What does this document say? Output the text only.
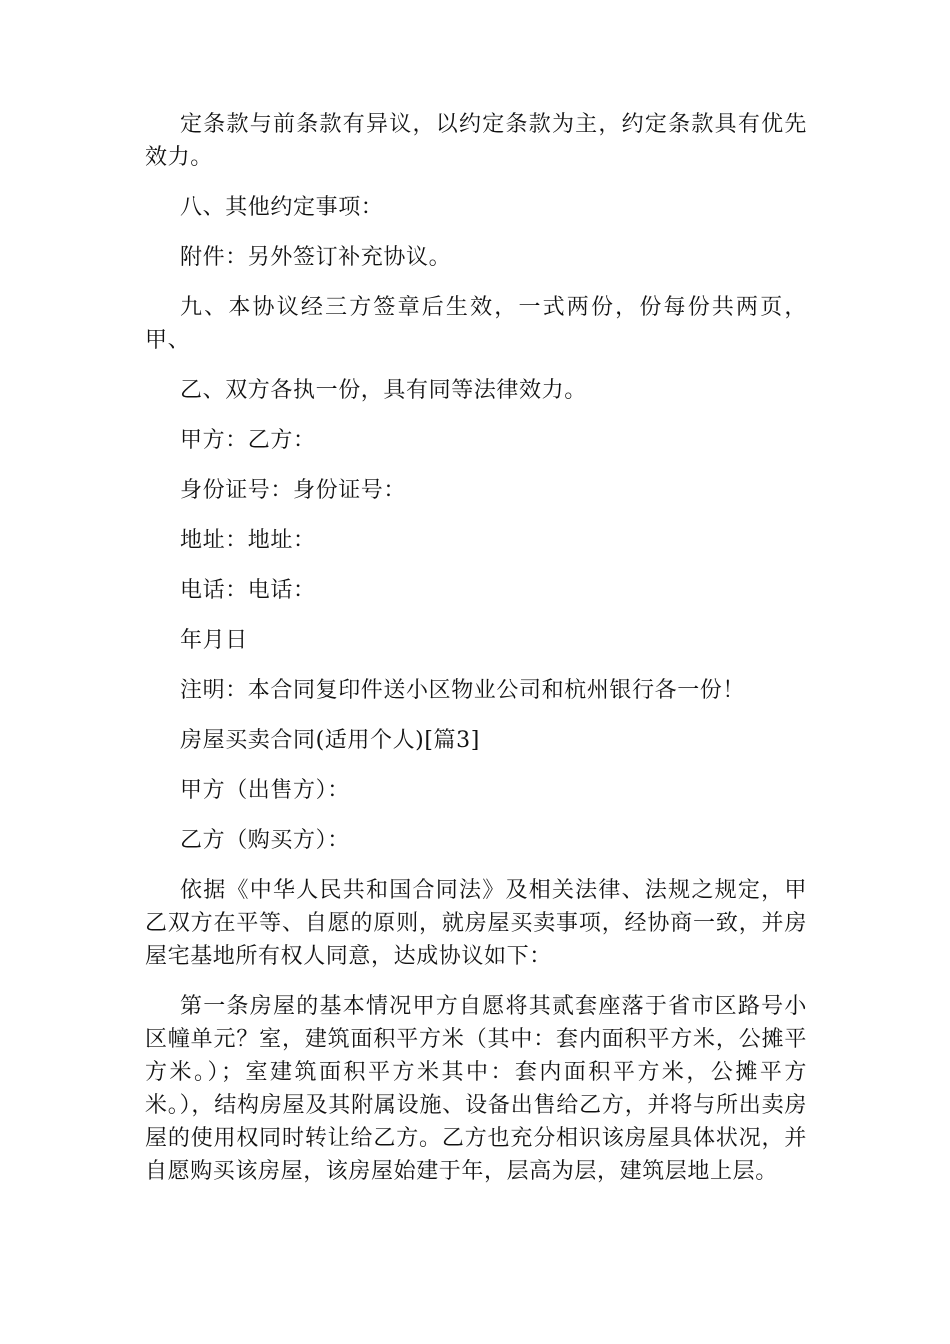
定条款与前条款有异议，以约定条款为主，约定条款具有优先效力。

八、其他约定事项：

附件：另外签订补充协议。

九、本协议经三方签章后生效，一式两份，份每份共两页，甲、

乙、双方各执一份，具有同等法律效力。

甲方：乙方：

身份证号：身份证号：

地址：地址：

电话：电话：

年月日

注明：本合同复印件送小区物业公司和杭州银行各一份！

房屋买卖合同(适用个人)[篇3]

甲方（出售方）：

乙方（购买方）：

依据《中华人民共和国合同法》及相关法律、法规之规定，甲乙双方在平等、自愿的原则，就房屋买卖事项，经协商一致，并房屋宅基地所有权人同意，达成协议如下：

第一条房屋的基本情况甲方自愿将其贰套座落于省市区路号小区幢单元？室，建筑面积平方米（其中：套内面积平方米，公摊平方米。）；室建筑面积平方米其中：套内面积平方米，公摊平方米。），结构房屋及其附属设施、设备出售给乙方，并将与所出卖房屋的使用权同时转让给乙方。乙方也充分相识该房屋具体状况，并自愿购买该房屋，该房屋始建于年，层高为层，建筑层地上层。
